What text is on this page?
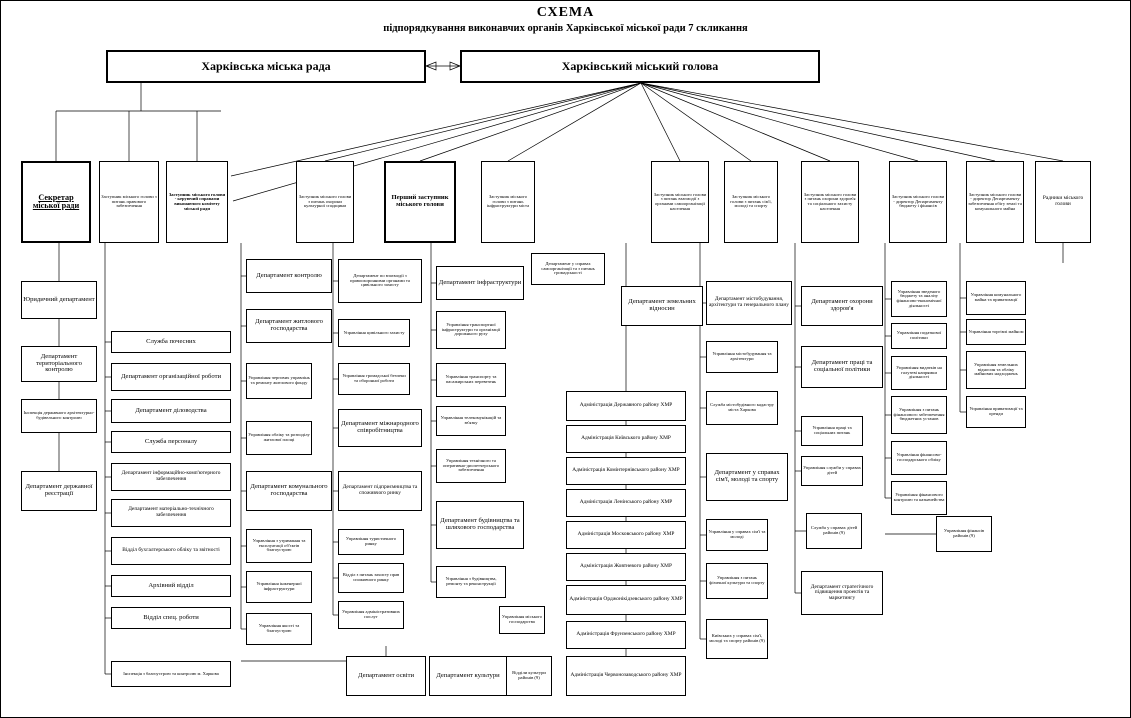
СХЕМА
підпорядкування виконавчих органів Харківської міської ради 7 скликання
Харківська міська рада	Харківський міський голова
Секретар міської ради
Заступник міського голови з питань правового забезпечення
Заступник міського голови - керуючий справами виконавчого комітету міської ради
Заступник міського голови з питань охорони культурної спадщини
Перший заступник міського голови
Заступник міського голови з питань інфраструктури міста
Заступник міського голови з питань взаємодії з органами самоорганізації населення
Заступник міського голови з питань сім'ї, молоді та спорту
Заступник міського голови з питань охорони здоров'я та соціального захисту населення
Заступник міського голови - директор Департаменту бюджету і фінансів
Заступник міського голови - директор Департаменту забезпечення обігу землі та комунального майна
Радники міського голови
Юридичний департамент
Департамент територіального контролю
Інспекція державного архітектурно-будівельного контролю
Департамент державної реєстрації
Служба почесних
Департамент організаційної роботи
Департамент діловодства
Служба персоналу
Департамент інформаційно-комп'ютерного забезпечення
Департамент матеріально-технічного забезпечення
Відділ бухгалтерського обліку та звітності
Архівний відділ
Відділ спец. роботи
Інспекція з благоустрою та контролю м. Харкова
Департамент контролю
Департамент житлового господарства
Управління чергових управлінь та ремонту житлового фонду
Управління обліку та розподілу житлової площі
Департамент комунального господарства
Управління з утримання та експлуатації об'єктів благоустрою
Управління інженерної інфраструктури
Управління якості та благоустрою
Департамент освіти
Департамент по взаємодії з правоохоронними органами та цивільного захисту
Управління цивільного захисту
Управління громадської безпеки та оборонної роботи
Департамент міжнародного співробітництва
Департамент підприємництва та споживчого ринку
Управління туристичного ринку
Відділ з питань захисту прав споживчого ринку
Управління адміністративних послуг
Департамент культури
Департамент інфраструктури
Управління транспортної інфраструктури та організації дорожнього руху
Управління транспорту та пасажирських перевезень
Управління телекомунікацій та зв'язку
Управління технічного та оперативно-диспетчерського забезпечення
Департамент будівництва та шляхового господарства
Управління з будівництва, ремонту та реконструкції
Відділи культури районів (9)
Управління міського господарства
Департамент у справах самоорганізації та з питань громадськості
Адміністрація Державного району ХМР
Адміністрація Київського району ХМР
Адміністрація Комінтернівського району ХМР
Адміністрація Ленінського району ХМР
Адміністрація Московського району ХМР
Адміністрація Жовтневого району ХМР
Адміністрація Орджонікідзевського району ХМР
Адміністрація Фрунзенського району ХМР
Адміністрація Червонозаводського району ХМР
Департамент земельних відносин
Департамент містобудування, архітектури та генерального плану
Управління містобудування та архітектури
Служба містобудівного кадастру міста Харкова
Департамент у справах сім'ї, молоді та спорту
Управління у справах сім'ї та молоді
Управління з питань фізичної культури та спорту
Київських у справах сім'ї, молоді та спорту районів (9)
Департамент охорони здоров'я
Департамент праці та соціальної політики
Управління праці та соціальних питань
Управління служби у справах дітей
Служба у справах дітей районів (9)
Департамент стратегічного підвищення проектів та маркетингу
Управління зведеного бюджету та аналізу фінансово-економічної діяльності
Управління податкової політики
Управління видатків на галузеві напрямки діяльності
Управління з питань фінансового забезпечення бюджетних установ
Управління фінансово-господарського обліку
Управління фінансового контролю та казначейства
Управління комунального майна та приватизації
Управління торгівлі майном
Управління земельних відносин та обліку майнових надходжень
Управління приватизації та оренди
Управління фінансів районів (9)
